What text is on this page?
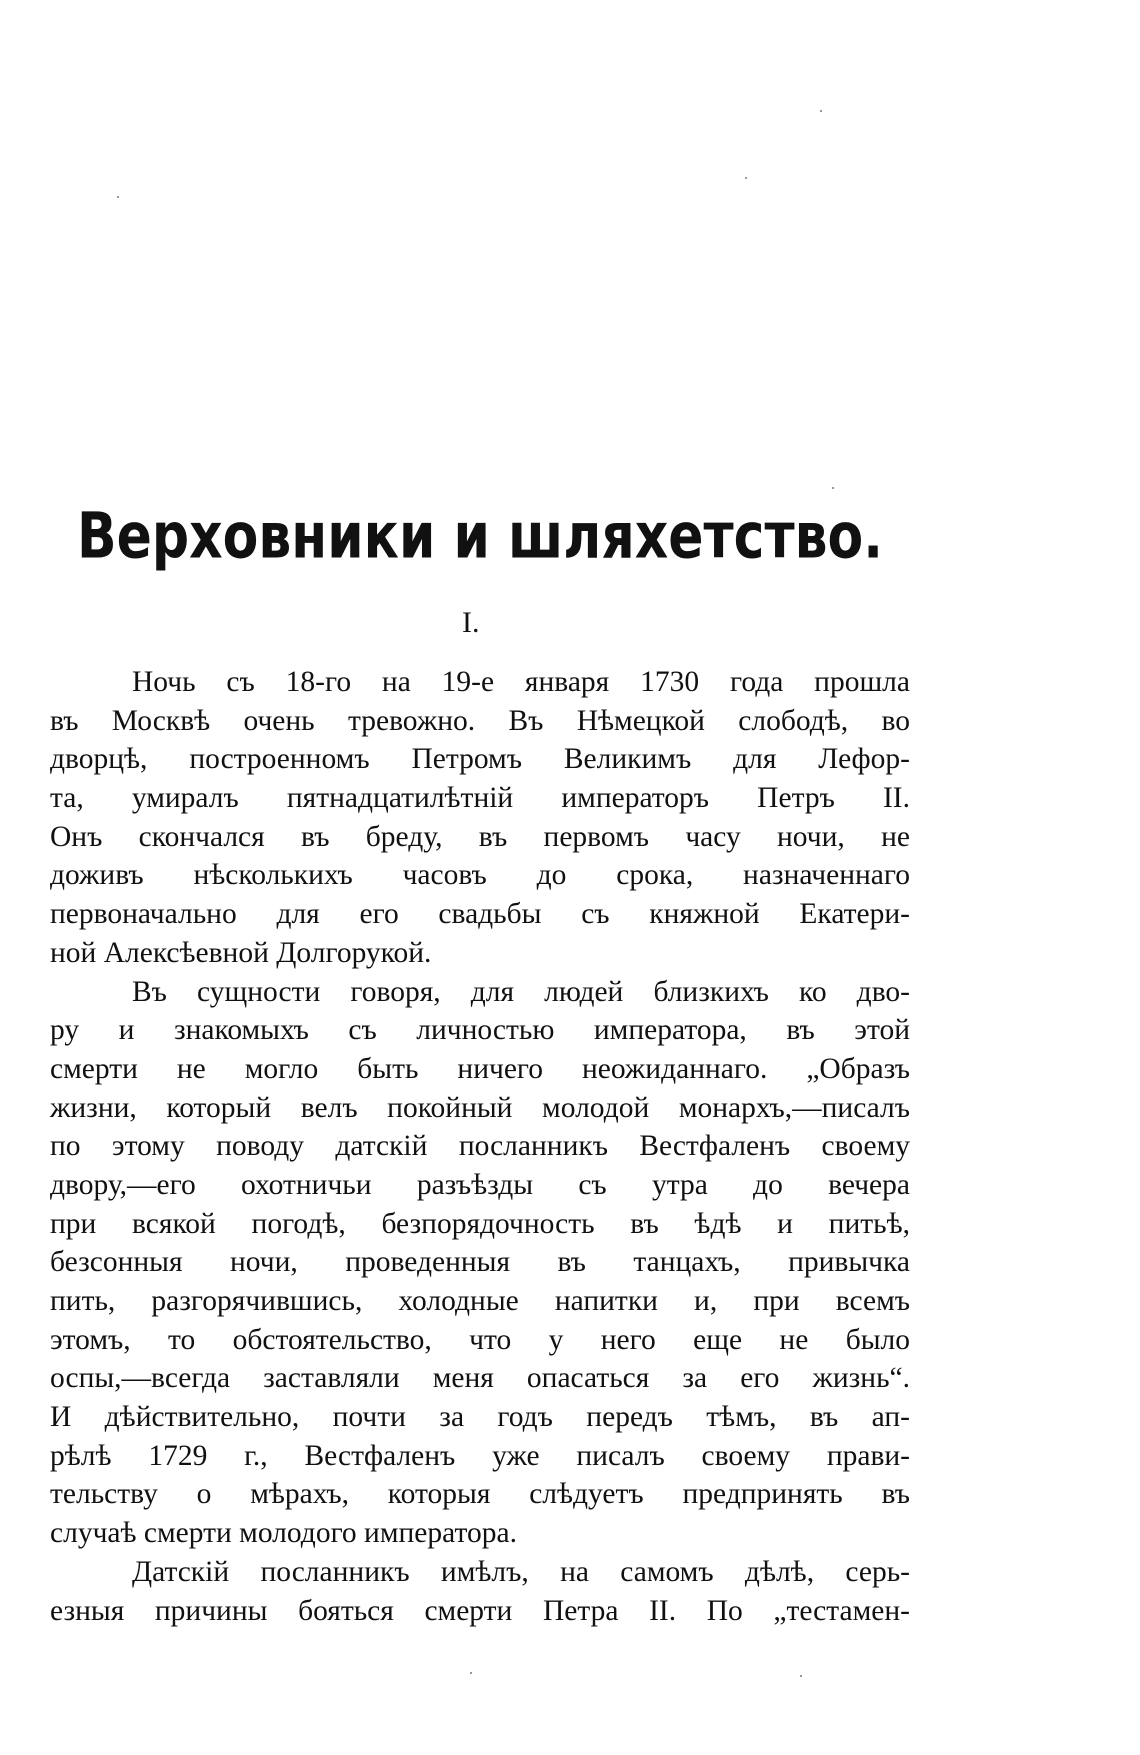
Верховники и шляхетство.
I.
Ночь съ 18-го на 19-е января 1730 года прошла
въ Москвѣ очень тревожно. Въ Нѣмецкой слободѣ, во
дворцѣ, построенномъ Петромъ Великимъ для Лефор-
та, умиралъ пятнадцатилѣтній императоръ Петръ II.
Онъ скончался въ бреду, въ первомъ часу ночи, не
доживъ нѣсколькихъ часовъ до срока, назначеннаго
первоначально для его свадьбы съ княжной Екатери-
ной Алексѣевной Долгорукой.
Въ сущности говоря, для людей близкихъ ко дво-
ру и знакомыхъ съ личностью императора, въ этой
смерти не могло быть ничего неожиданнаго. „Образъ
жизни, который велъ покойный молодой монархъ,—писалъ
по этому поводу датскій посланникъ Вестфаленъ своему
двору,—его охотничьи разъѣзды съ утра до вечера
при всякой погодѣ, безпорядочность въ ѣдѣ и питьѣ,
безсонныя ночи, проведенныя въ танцахъ, привычка
пить, разгорячившись, холодные напитки и, при всемъ
этомъ, то обстоятельство, что у него еще не было
оспы,—всегда заставляли меня опасаться за его жизнь“.
И дѣйствительно, почти за годъ передъ тѣмъ, въ ап-
рѣлѣ 1729 г., Вестфаленъ уже писалъ своему прави-
тельству о мѣрахъ, которыя слѣдуетъ предпринять въ
случаѣ смерти молодого императора.
Датскій посланникъ имѣлъ, на самомъ дѣлѣ, серь-
езныя причины бояться смерти Петра II. По „тестамен-
